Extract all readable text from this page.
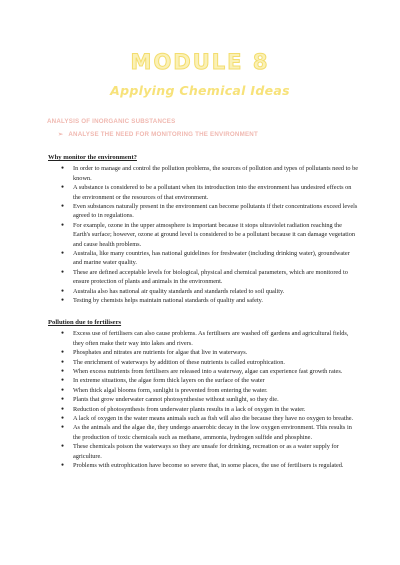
MODULE 8
Applying Chemical Ideas
ANALYSIS OF INORGANIC SUBSTANCES
➢ ANALYSE THE NEED FOR MONITORING THE ENVIRONMENT
Why monitor the environment?
● In order to manage and control the pollution problems, the sources of pollution and types of pollutants need to be known.
● A substance is considered to be a pollutant when its introduction into the environment has undesired effects on the environment or the resources of that environment.
● Even substances naturally present in the environment can become pollutants if their concentrations exceed levels agreed to in regulations.
● For example, ozone in the upper atmosphere is important because it stops ultraviolet radiation reaching the Earth's surface; however, ozone at ground level is considered to be a pollutant because it can damage vegetation and cause health problems.
● Australia, like many countries, has national guidelines for freshwater (including drinking water), groundwater and marine water quality.
● These are defined acceptable levels for biological, physical and chemical parameters, which are monitored to ensure protection of plants and animals in the environment.
● Australia also has national air quality standards and standards related to soil quality.
● Testing by chemists helps maintain national standards of quality and safety.
Pollution due to fertilisers
● Excess use of fertilisers can also cause problems. As fertilisers are washed off gardens and agricultural fields, they often make their way into lakes and rivers.
● Phosphates and nitrates are nutrients for algae that live in waterways.
● The enrichment of waterways by addition of these nutrients is called eutrophication.
● When excess nutrients from fertilisers are released into a waterway, algae can experience fast growth rates.
● In extreme situations, the algae form thick layers on the surface of the water
● When thick algal blooms form, sunlight is prevented from entering the water.
● Plants that grow underwater cannot photosynthesise without sunlight, so they die.
● Reduction of photosynthesis from underwater plants results in a lack of oxygen in the water.
● A lack of oxygen in the water means animals such as fish will also die because they have no oxygen to breathe.
● As the animals and the algae die, they undergo anaerobic decay in the low oxygen environment. This results in the production of toxic chemicals such as methane, ammonia, hydrogen sulfide and phosphine.
● These chemicals poison the waterways so they are unsafe for drinking, recreation or as a water supply for agriculture.
● Problems with eutrophication have become so severe that, in some places, the use of fertilisers is regulated.
